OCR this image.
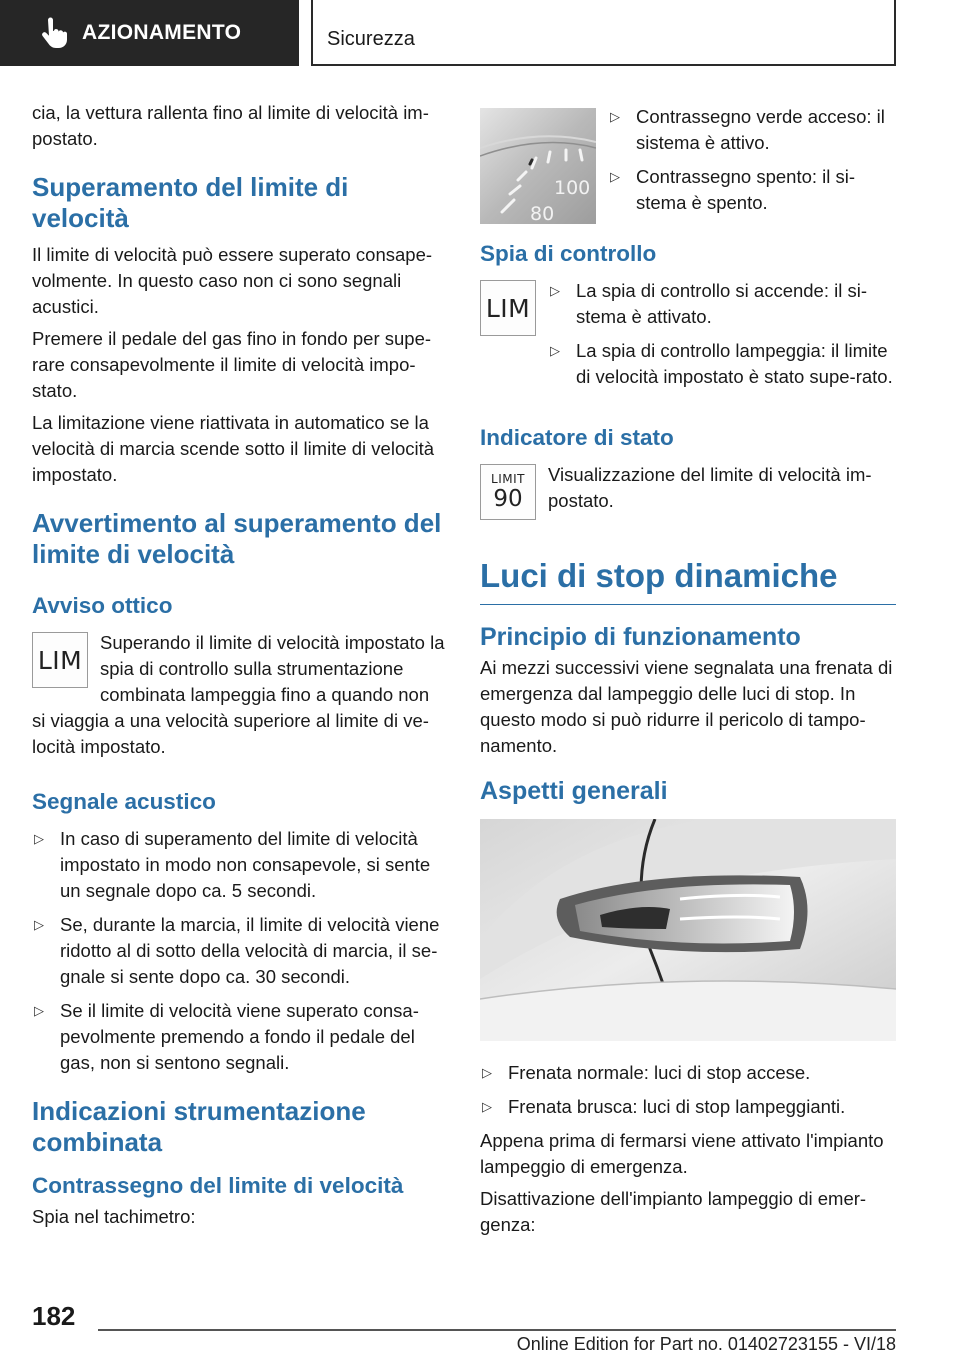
AZIONAMENTO	Sicurezza

cia, la vettura rallenta fino al limite di velocità im-postato.

Superamento del limite di velocità

Il limite di velocità può essere superato consape-volmente. In questo caso non ci sono segnali acustici.

Premere il pedale del gas fino in fondo per supe-rare consapevolmente il limite di velocità impo-stato.

La limitazione viene riattivata in automatico se la velocità di marcia scende sotto il limite di velocità impostato.

Avvertimento al superamento del limite di velocità
Avviso ottico
LIM

Superando il limite di velocità impostato la spia di controllo sulla strumentazione combinata lampeggia fino a quando non si viaggia a una velocità superiore al limite di ve-locità impostato.

Segnale acustico
▷ In caso di superamento del limite di velocità impostato in modo non consapevole, si sente un segnale dopo ca. 5 secondi.
▷ Se, durante la marcia, il limite di velocità viene ridotto al di sotto della velocità di marcia, il se-gnale si sente dopo ca. 30 secondi.
▷ Se il limite di velocità viene superato consa-pevolmente premendo a fondo il pedale del gas, non si sentono segnali.
Indicazioni strumentazione combinata
Contrassegno del limite di velocità

Spia nel tachimetro:

100
80
▷ Contrassegno verde acceso: il sistema è attivo.
▷ Contrassegno spento: il si-stema è spento.
Spia di controllo
LIM
▷ La spia di controllo si accende: il si-stema è attivato.
▷ La spia di controllo lampeggia: il limite di velocità impostato è stato supe-rato.
Indicatore di stato
LIMIT
90

Visualizzazione del limite di velocità im-postato.

Luci di stop dinamiche
Principio di funzionamento

Ai mezzi successivi viene segnalata una frenata di emergenza dal lampeggio delle luci di stop. In questo modo si può ridurre il pericolo di tampo-namento.

Aspetti generali
▷ Frenata normale: luci di stop accese.
▷ Frenata brusca: luci di stop lampeggianti.

Appena prima di fermarsi viene attivato l'impianto lampeggio di emergenza.

Disattivazione dell'impianto lampeggio di emer-genza:

182
Online Edition for Part no. 01402723155 - VI/18
